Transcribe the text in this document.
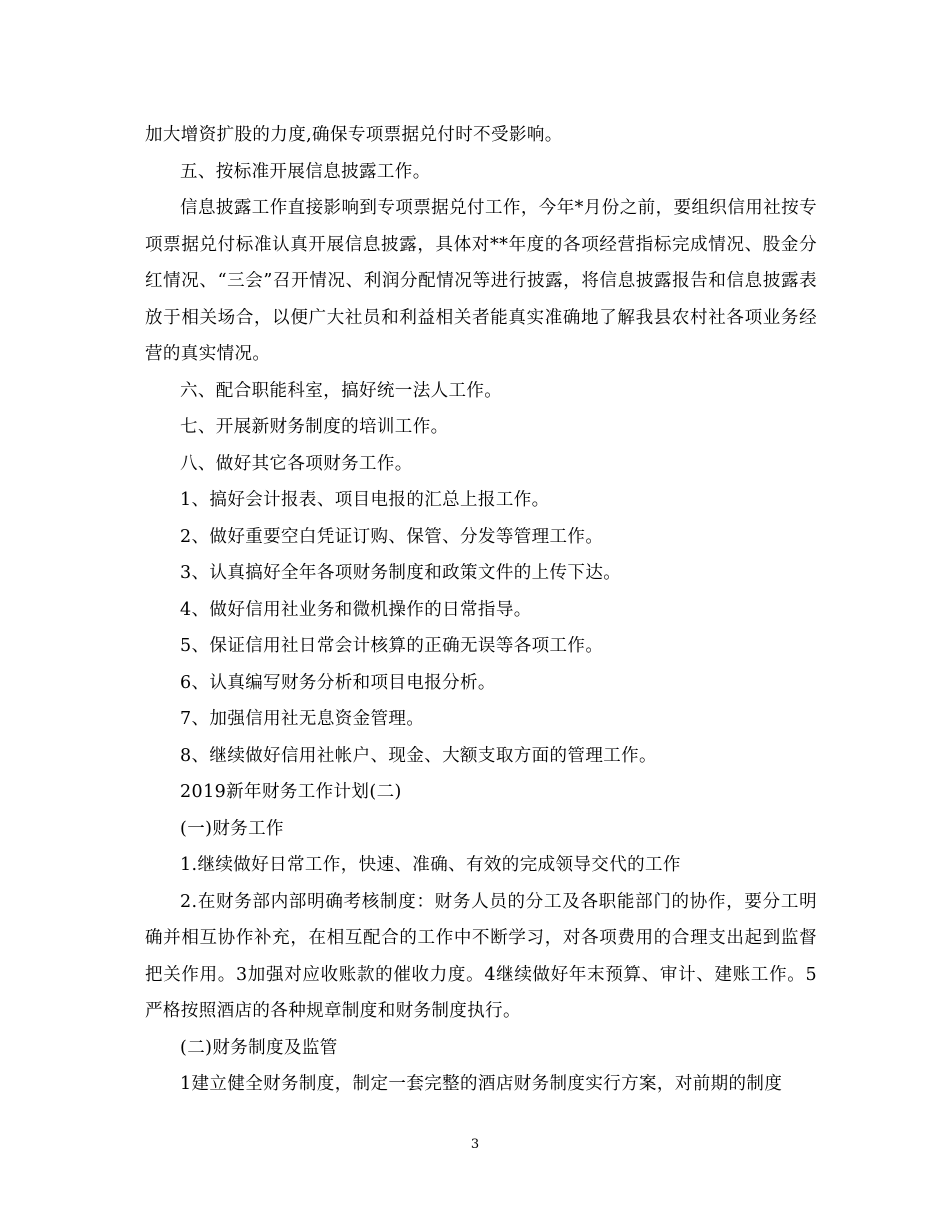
加大增资扩股的力度,确保专项票据兑付时不受影响。

五、按标准开展信息披露工作。

信息披露工作直接影响到专项票据兑付工作，今年*月份之前，要组织信用社按专项票据兑付标准认真开展信息披露，具体对**年度的各项经营指标完成情况、股金分红情况、“三会”召开情况、利润分配情况等进行披露，将信息披露报告和信息披露表放于相关场合，以便广大社员和利益相关者能真实准确地了解我县农村社各项业务经营的真实情况。

六、配合职能科室，搞好统一法人工作。

七、开展新财务制度的培训工作。

八、做好其它各项财务工作。

1、搞好会计报表、项目电报的汇总上报工作。

2、做好重要空白凭证订购、保管、分发等管理工作。

3、认真搞好全年各项财务制度和政策文件的上传下达。

4、做好信用社业务和微机操作的日常指导。

5、保证信用社日常会计核算的正确无误等各项工作。

6、认真编写财务分析和项目电报分析。

7、加强信用社无息资金管理。

8、继续做好信用社帐户、现金、大额支取方面的管理工作。

2019新年财务工作计划(二)

(一)财务工作

1.继续做好日常工作，快速、准确、有效的完成领导交代的工作

2.在财务部内部明确考核制度：财务人员的分工及各职能部门的协作，要分工明确并相互协作补充，在相互配合的工作中不断学习，对各项费用的合理支出起到监督把关作用。3加强对应收账款的催收力度。4继续做好年末预算、审计、建账工作。5严格按照酒店的各种规章制度和财务制度执行。

(二)财务制度及监管

1建立健全财务制度，制定一套完整的酒店财务制度实行方案，对前期的制度

3
